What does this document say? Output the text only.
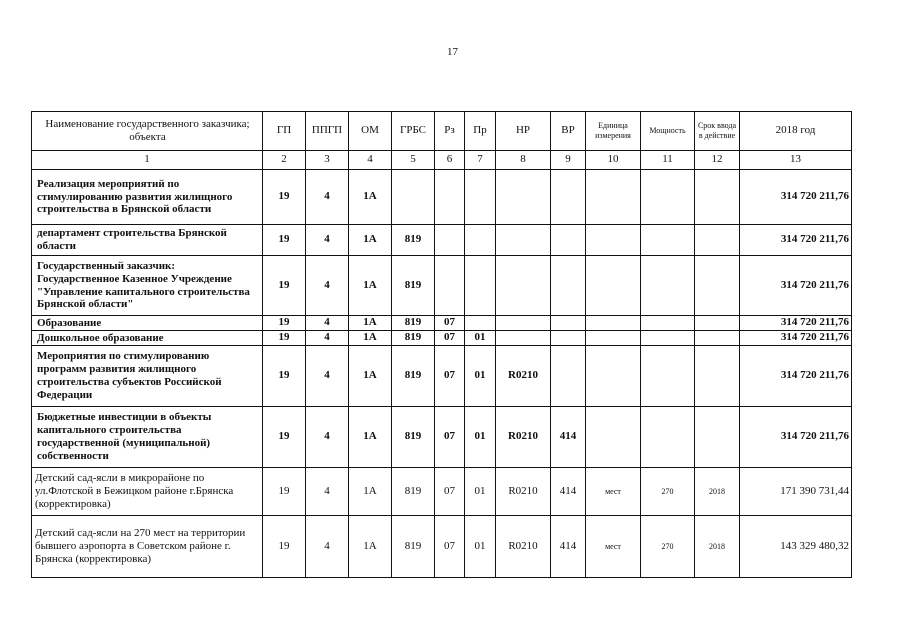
17
Наименование государственного заказчика; объекта	ГП	ППГП	ОМ	ГРБС	Рз	Пр	НР	ВР	Единица измерения	Мощность	Срок ввода в действие	2018 год
1	2	3	4	5	6	7	8	9	10	11	12	13
Реализация мероприятий по стимулированию развития жилищного строительства в Брянской области	19	4	1А									314 720 211,76
департамент строительства Брянской области	19	4	1А	819								314 720 211,76
Государственный заказчик: Государственное Казенное Учреждение "Управление капитального строительства Брянской области"	19	4	1А	819								314 720 211,76
Образование	19	4	1А	819	07							314 720 211,76
Дошкольное образование	19	4	1А	819	07	01						314 720 211,76
Мероприятия по стимулированию программ развития жилищного строительства субъектов Российской Федерации	19	4	1А	819	07	01	R0210					314 720 211,76
Бюджетные инвестиции в объекты капитального строительства государственной (муниципальной) собственности	19	4	1А	819	07	01	R0210	414				314 720 211,76
Детский сад-ясли в микрорайоне по ул.Флотской в Бежицком районе г.Брянска (корректировка)	19	4	1А	819	07	01	R0210	414	мест	270	2018	171 390 731,44
Детский сад-ясли на 270 мест на территории бывшего аэропорта в Советском районе г. Брянска (корректировка)	19	4	1А	819	07	01	R0210	414	мест	270	2018	143 329 480,32
